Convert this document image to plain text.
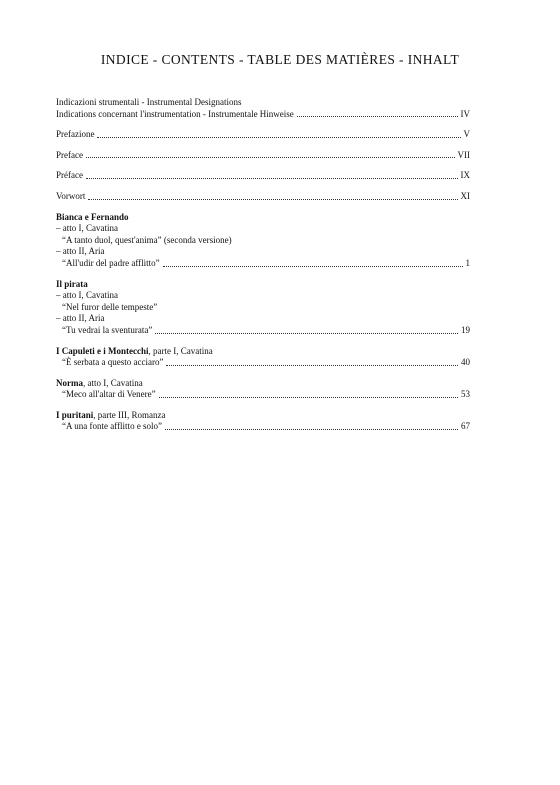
INDICE - CONTENTS - TABLE DES MATIÈRES - INHALT
Indicazioni strumentali - Instrumental Designations
Indications concernant l'instrumentation - Instrumentale Hinweise	IV
Prefazione	V
Preface	VII
Préface	IX
Vorwort	XI
Bianca e Fernando
– atto I, Cavatina
“A tanto duol, quest'anima” (seconda versione)
– atto II, Aria
“All'udir del padre afflitto”	1
Il pirata
– atto I, Cavatina
“Nel furor delle tempeste”
– atto II, Aria
“Tu vedrai la sventurata”	19
I Capuleti e i Montecchi, parte I, Cavatina
“È serbata a questo acciaro”	40
Norma, atto I, Cavatina
“Meco all'altar di Venere”	53
I puritani, parte III, Romanza
“A una fonte afflitto e solo”	67
